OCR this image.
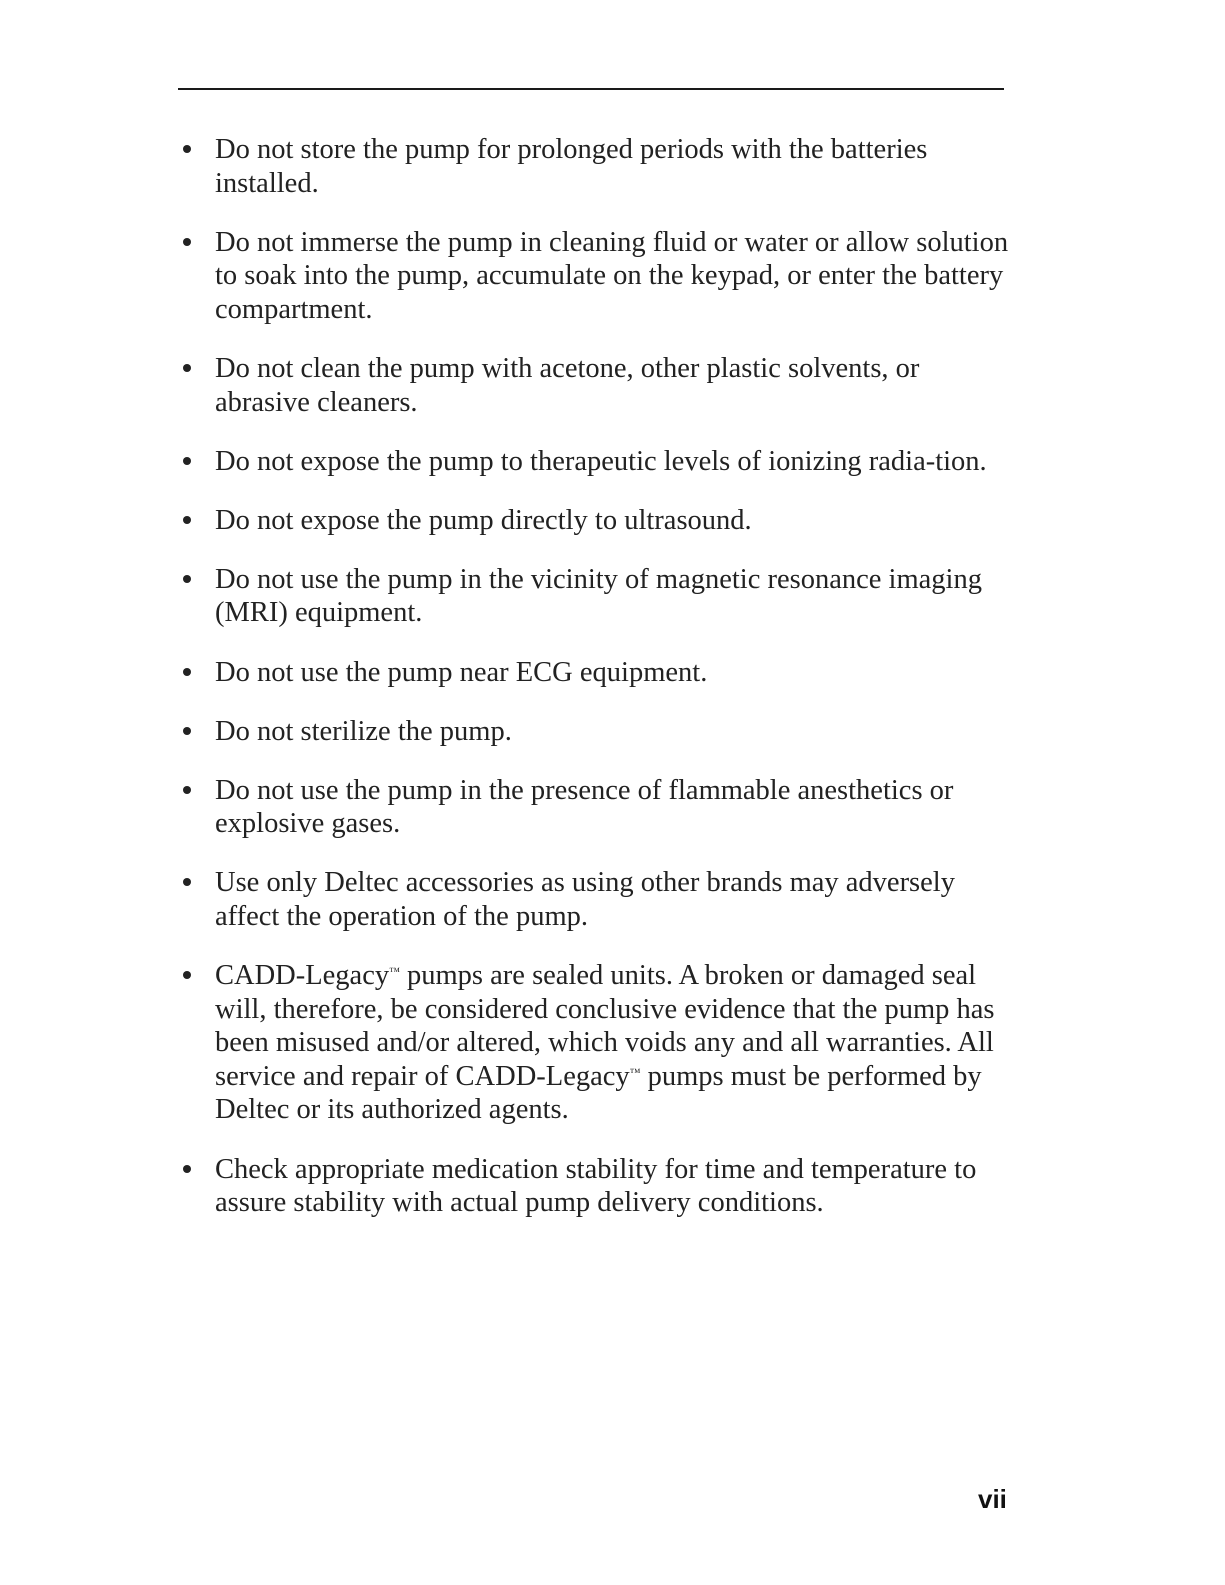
Do not store the pump for prolonged periods with the batteries installed.
Do not immerse the pump in cleaning fluid or water or allow solution to soak into the pump, accumulate on the keypad, or enter the battery compartment.
Do not clean the pump with acetone, other plastic solvents, or abrasive cleaners.
Do not expose the pump to therapeutic levels of ionizing radia-tion.
Do not expose the pump directly to ultrasound.
Do not use the pump in the vicinity of magnetic resonance imaging (MRI) equipment.
Do not use the pump near ECG equipment.
Do not sterilize the pump.
Do not use the pump in the presence of flammable anesthetics or explosive gases.
Use only Deltec accessories as using other brands may adversely affect the operation of the pump.
CADD-Legacy™ pumps are sealed units. A broken or damaged seal will, therefore, be considered conclusive evidence that the pump has been misused and/or altered, which voids any and all warranties. All service and repair of CADD-Legacy™ pumps must be performed by Deltec or its authorized agents.
Check appropriate medication stability for time and temperature to assure stability with actual pump delivery conditions.
vii
